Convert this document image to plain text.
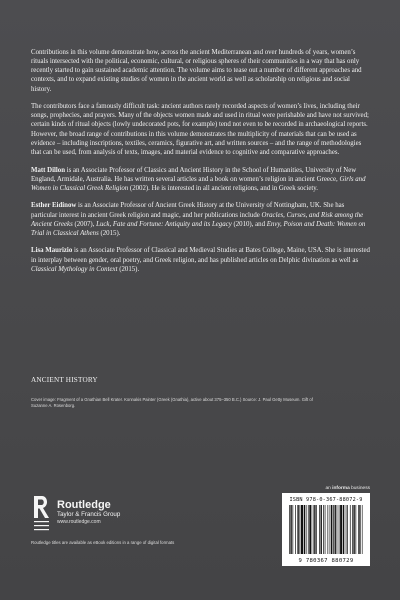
Contributions in this volume demonstrate how, across the ancient Mediterranean and over hundreds of years, women’s rituals intersected with the political, economic, cultural, or religious spheres of their communities in a way that has only recently started to gain sustained academic attention. The volume aims to tease out a number of different approaches and contexts, and to expand existing studies of women in the ancient world as well as scholarship on religious and social history.

The contributors face a famously difficult task: ancient authors rarely recorded aspects of women’s lives, including their songs, prophecies, and prayers. Many of the objects women made and used in ritual were perishable and have not survived; certain kinds of ritual objects (lowly undecorated pots, for example) tend not even to be recorded in archaeological reports. However, the broad range of contributions in this volume demonstrates the multiplicity of materials that can be used as evidence – including inscriptions, textiles, ceramics, figurative art, and written sources – and the range of methodologies that can be used, from analysis of texts, images, and material evidence to cognitive and comparative approaches.

Matt Dillon is an Associate Professor of Classics and Ancient History in the School of Humanities, University of New England, Armidale, Australia. He has written several articles and a book on women’s religion in ancient Greece, Girls and Women in Classical Greek Religion (2002). He is interested in all ancient religions, and in Greek society.

Esther Eidinow is an Associate Professor of Ancient Greek History at the University of Nottingham, UK. She has particular interest in ancient Greek religion and magic, and her publications include Oracles, Curses, and Risk among the Ancient Greeks (2007), Luck, Fate and Fortune: Antiquity and its Legacy (2010), and Envy, Poison and Death: Women on Trial in Classical Athens (2015).

Lisa Maurizio is an Associate Professor of Classical and Medieval Studies at Bates College, Maine, USA. She is interested in interplay between gender, oral poetry, and Greek religion, and has published articles on Delphic divination as well as Classical Mythology in Context (2015).

ANCIENT HISTORY
Cover image: Fragment of a Gnathian Bell Krater. Konnakis Painter (Greek (Gnathia), active about 375–350 B.C.) Source: J. Paul Getty Museum. Gift of Suzanne A. Rosenborg.
an informa business
ISBN 978-0-367-88072-9
9 780367 880729
Routledge
Taylor & Francis Group
www.routledge.com
Routledge titles are available as eBook editions in a range of digital formats
